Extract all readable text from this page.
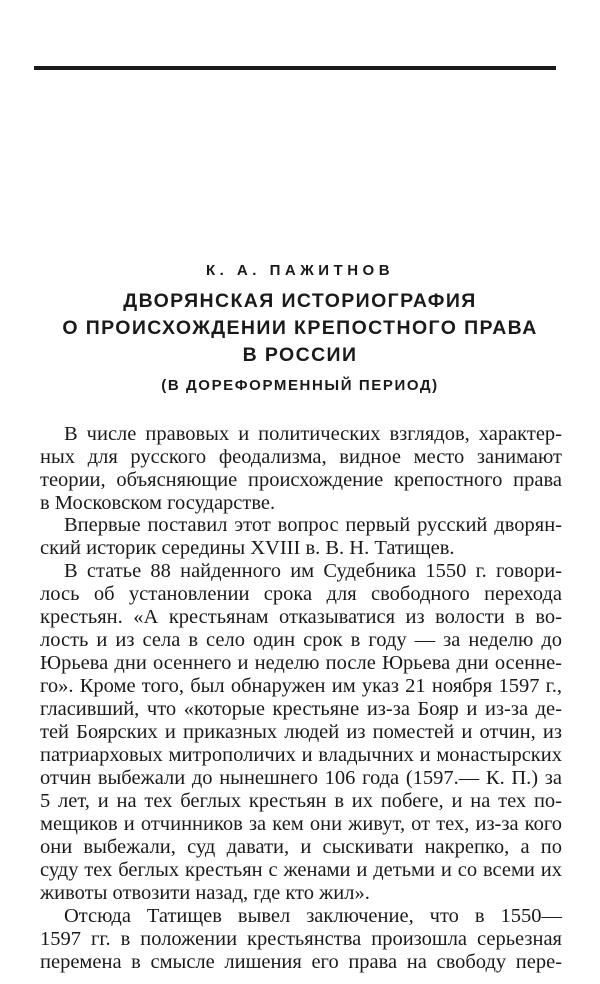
К. А. ПАЖИТНОВ
ДВОРЯНСКАЯ ИСТОРИОГРАФИЯ
О ПРОИСХОЖДЕНИИ КРЕПОСТНОГО ПРАВА
В РОССИИ
(В ДОРЕФОРМЕННЫЙ ПЕРИОД)
В числе правовых и политических взглядов, характер-
ных для русского феодализма, видное место занимают
теории, объясняющие происхождение крепостного права
в Московском государстве.
Впервые поставил этот вопрос первый русский дворян-
ский историк середины XVIII в. В. Н. Татищев.
В статье 88 найденного им Судебника 1550 г. говори-
лось об установлении срока для свободного перехода
крестьян. «А крестьянам отказыватися из волости в во-
лость и из села в село один срок в году — за неделю до
Юрьева дни осеннего и неделю после Юрьева дни осенне-
го». Кроме того, был обнаружен им указ 21 ноября 1597 г.,
гласивший, что «которые крестьяне из-за Бояр и из-за де-
тей Боярских и приказных людей из поместей и отчин, из
патриарховых митрополичих и владычних и монастырских
отчин выбежали до нынешнего 106 года (1597.— К. П.) за
5 лет, и на тех беглых крестьян в их побеге, и на тех по-
мещиков и отчинников за кем они живут, от тех, из-за кого
они выбежали, суд давати, и сыскивати накрепко, а по
суду тех беглых крестьян с женами и детьми и со всеми их
животы отвозити назад, где кто жил».
Отсюда Татищев вывел заключение, что в 1550—
1597 гг. в положении крестьянства произошла серьезная
перемена в смысле лишения его права на свободу пере-
